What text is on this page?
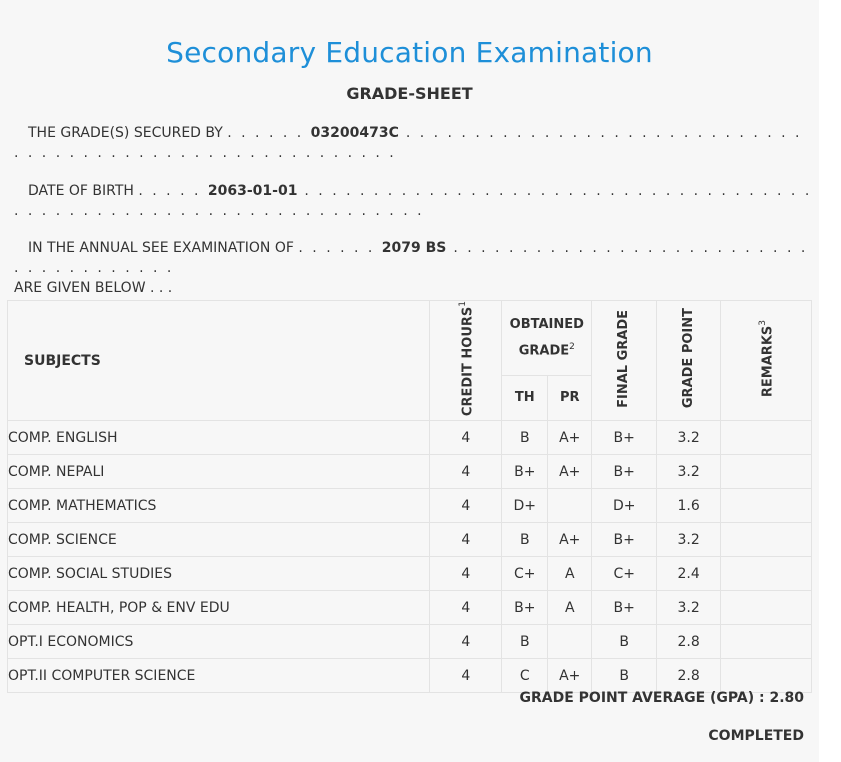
Secondary Education Examination
GRADE-SHEET
THE GRADE(S) SECURED BY . . . . . . 03200473C . . . . . . . . . . . . . . . . . . . . . . . . . . . . . . . . . . . . . . . . . . . . . . . . . . . . . . . . .
DATE OF BIRTH . . . . . 2063-01-01 . . . . . . . . . . . . . . . . . . . . . . . . . . . . . . . . . . . . . . . . . . . . . . . . . . . . . . . . . . . . . . . . . . .
IN THE ANNUAL SEE EXAMINATION OF . . . . . . 2079 BS . . . . . . . . . . . . . . . . . . . . . . . . . . . . . . . . . . . . . .
ARE GIVEN BELOW . . .
SUBJECTS	CREDIT HOURS$^1$	OBTAINED GRADE$^2$		FINAL GRADE	GRADE POINT	REMARKS$^3$
		TH	PR			
COMP. ENGLISH	4	B	A+	B+	3.2	
COMP. NEPALI	4	B+	A+	B+	3.2	
COMP. MATHEMATICS	4	D+		D+	1.6	
COMP. SCIENCE	4	B	A+	B+	3.2	
COMP. SOCIAL STUDIES	4	C+	A	C+	2.4	
COMP. HEALTH, POP & ENV EDU	4	B+	A	B+	3.2	
OPT.I ECONOMICS	4	B		B	2.8	
OPT.II COMPUTER SCIENCE	4	C	A+	B	2.8	
GRADE POINT AVERAGE (GPA) : 2.80
COMPLETED
